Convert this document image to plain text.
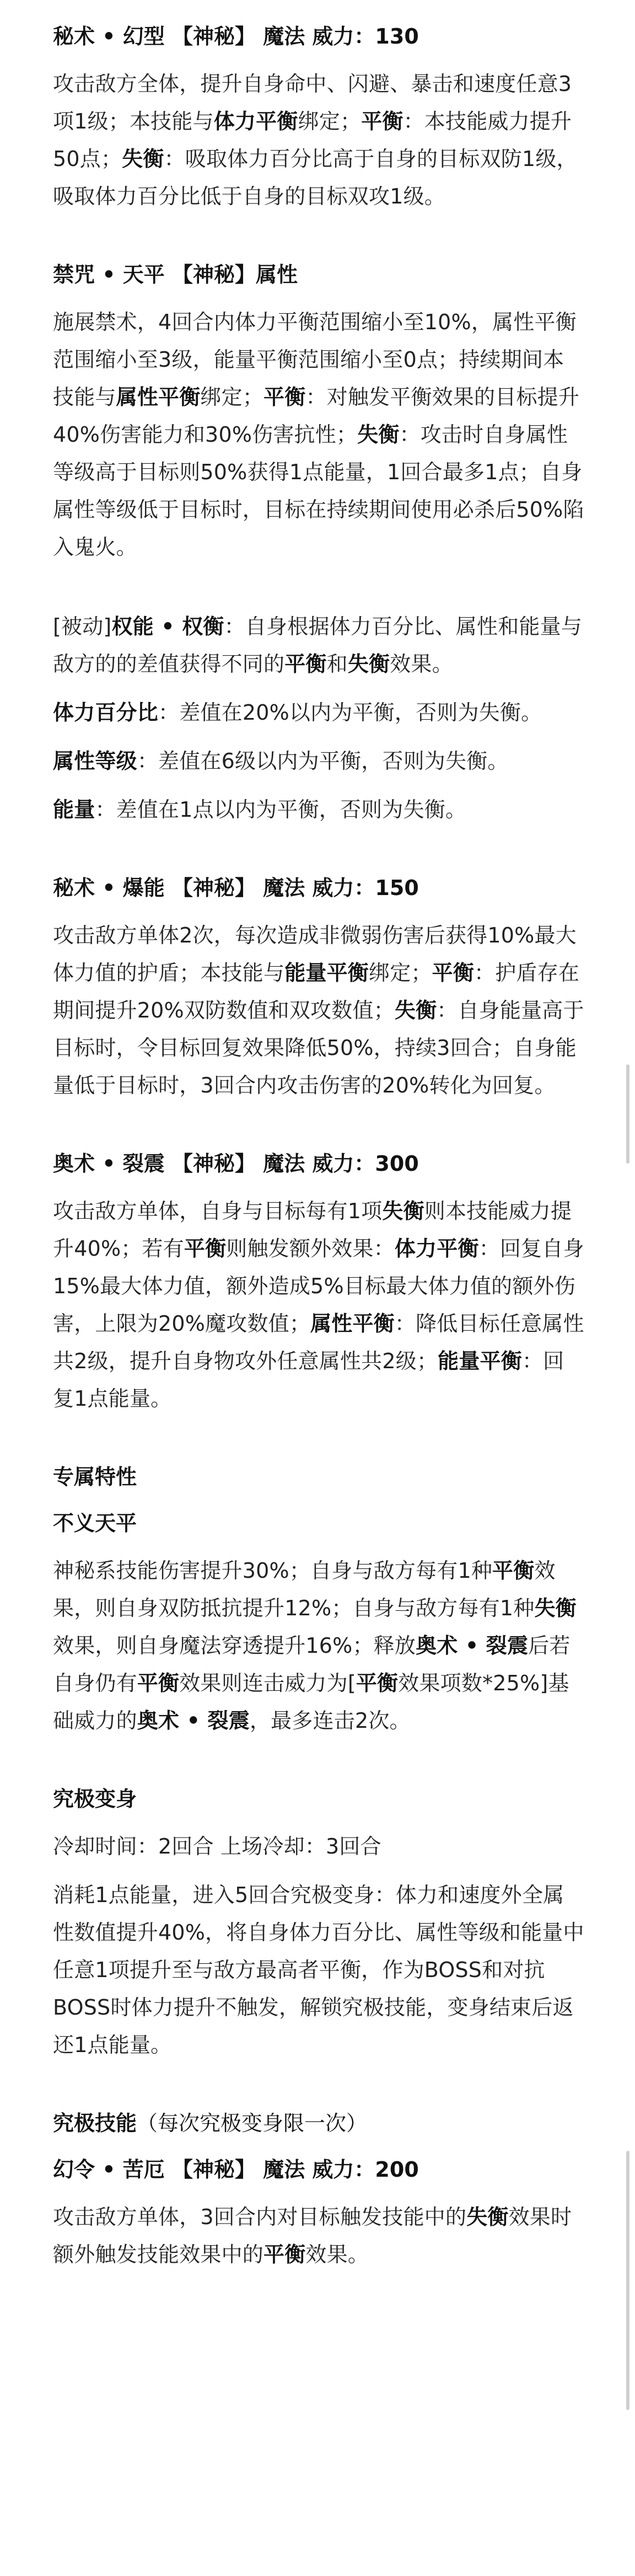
秘术 • 幻型 【神秘】 魔法 威力：130

攻击敌方全体，提升自身命中、闪避、暴击和速度任意3项1级；本技能与体力平衡绑定；平衡：本技能威力提升50点；失衡：吸取体力百分比高于自身的目标双防1级，吸取体力百分比低于自身的目标双攻1级。

禁咒 • 天平 【神秘】属性

施展禁术，4回合内体力平衡范围缩小至10%，属性平衡范围缩小至3级，能量平衡范围缩小至0点；持续期间本技能与属性平衡绑定；平衡：对触发平衡效果的目标提升40%伤害能力和30%伤害抗性；失衡：攻击时自身属性等级高于目标则50%获得1点能量，1回合最多1点；自身属性等级低于目标时，目标在持续期间使用必杀后50%陷入鬼火。

[被动]权能 • 权衡：自身根据体力百分比、属性和能量与敌方的的差值获得不同的平衡和失衡效果。

体力百分比：差值在20%以内为平衡，否则为失衡。

属性等级：差值在6级以内为平衡，否则为失衡。

能量：差值在1点以内为平衡，否则为失衡。

秘术 • 爆能 【神秘】 魔法 威力：150

攻击敌方单体2次，每次造成非微弱伤害后获得10%最大体力值的护盾；本技能与能量平衡绑定；平衡：护盾存在期间提升20%双防数值和双攻数值；失衡：自身能量高于目标时，令目标回复效果降低50%，持续3回合；自身能量低于目标时，3回合内攻击伤害的20%转化为回复。

奥术 • 裂震 【神秘】 魔法 威力：300

攻击敌方单体，自身与目标每有1项失衡则本技能威力提升40%；若有平衡则触发额外效果：体力平衡：回复自身15%最大体力值，额外造成5%目标最大体力值的额外伤害，上限为20%魔攻数值；属性平衡：降低目标任意属性共2级，提升自身物攻外任意属性共2级；能量平衡：回复1点能量。

专属特性

不义天平

神秘系技能伤害提升30%；自身与敌方每有1种平衡效果，则自身双防抵抗提升12%；自身与敌方每有1种失衡效果，则自身魔法穿透提升16%；释放奥术 • 裂震后若自身仍有平衡效果则连击威力为[平衡效果项数*25%]基础威力的奥术 • 裂震，最多连击2次。

究极变身

冷却时间：2回合 上场冷却：3回合

消耗1点能量，进入5回合究极变身：体力和速度外全属性数值提升40%，将自身体力百分比、属性等级和能量中任意1项提升至与敌方最高者平衡，作为BOSS和对抗BOSS时体力提升不触发，解锁究极技能，变身结束后返还1点能量。

究极技能（每次究极变身限一次）

幻令 • 苦厄 【神秘】 魔法 威力：200

攻击敌方单体，3回合内对目标触发技能中的失衡效果时额外触发技能效果中的平衡效果。
